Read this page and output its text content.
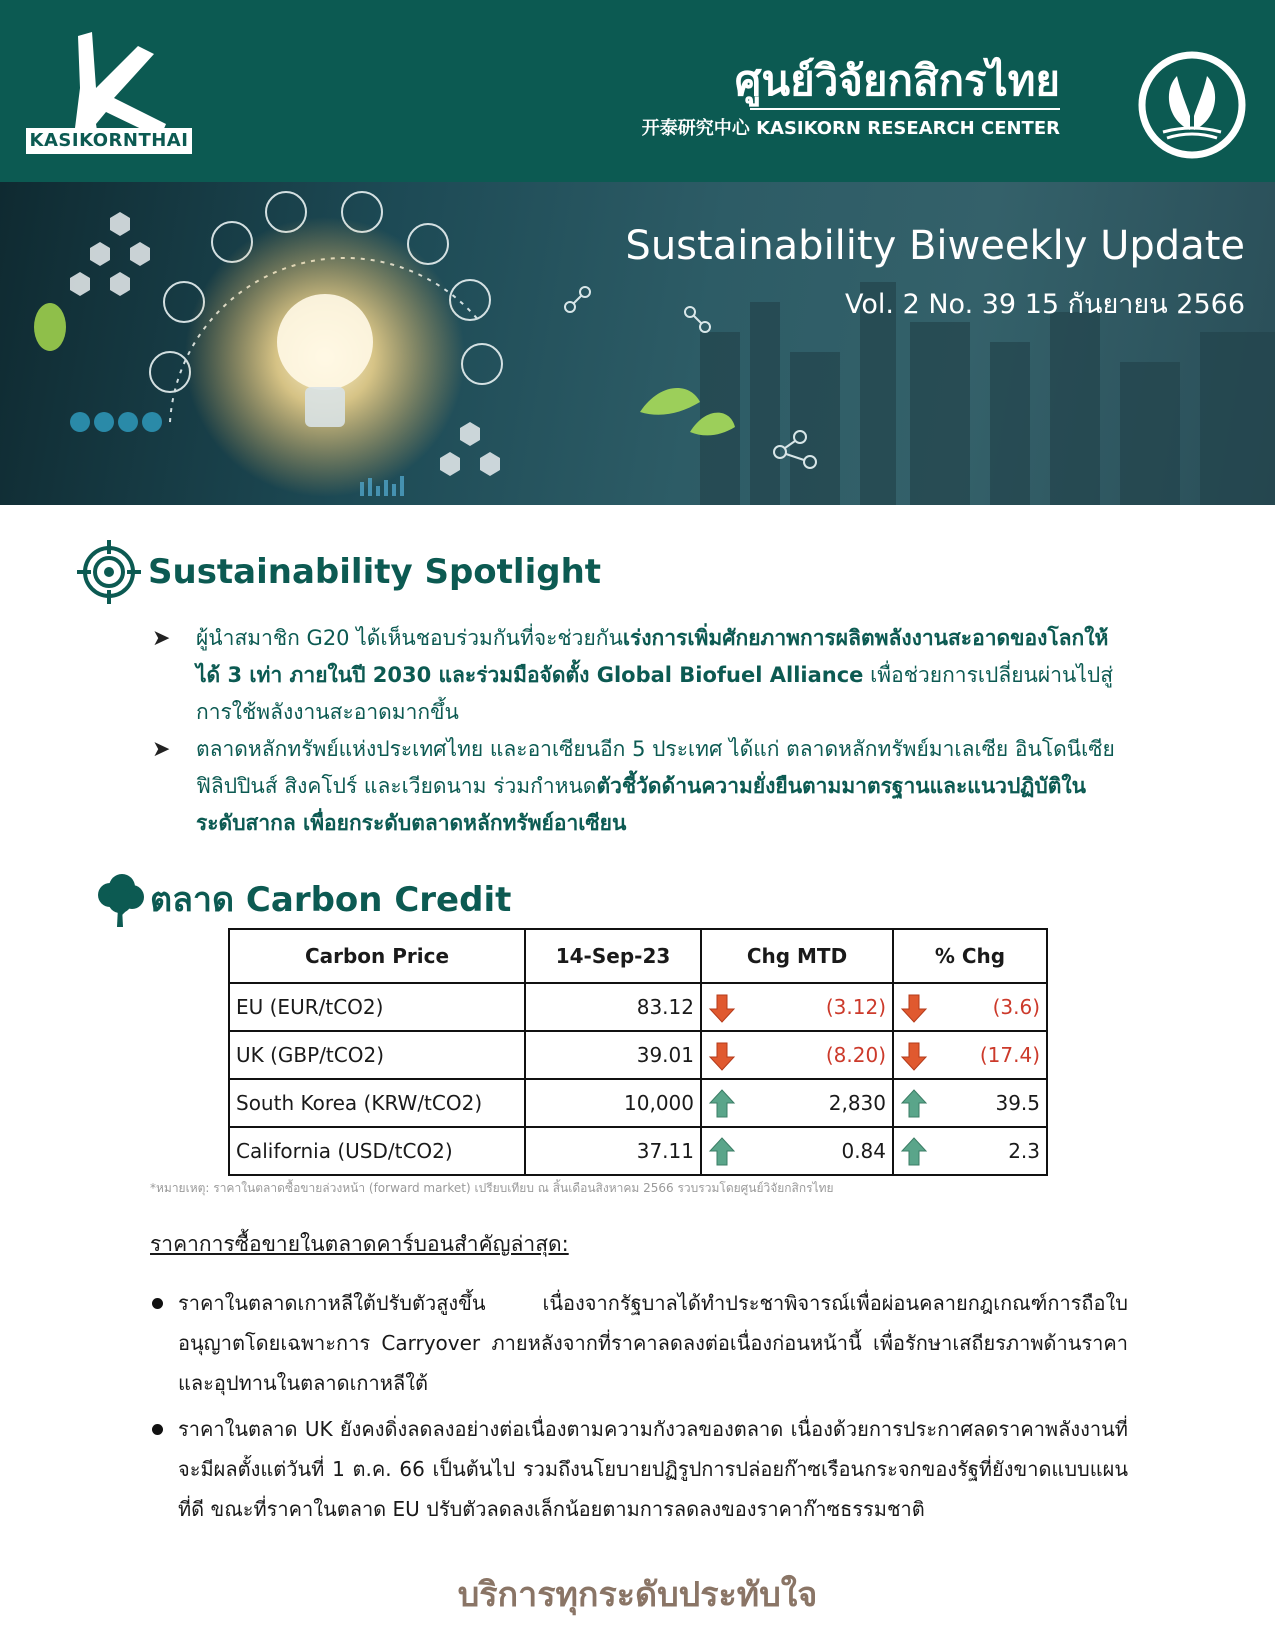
KASIKORNTHAI
ศูนย์วิจัยกสิกรไทย
开泰研究中心 KASIKORN RESEARCH CENTER
Sustainability Biweekly Update
Vol. 2 No. 39 15 กันยายน 2566
Sustainability Spotlight
➤ ผู้นำสมาชิก G20 ได้เห็นชอบร่วมกันที่จะช่วยกันเร่งการเพิ่มศักยภาพการผลิตพลังงานสะอาดของโลกให้ได้ 3 เท่า ภายในปี 2030 และร่วมมือจัดตั้ง Global Biofuel Alliance เพื่อช่วยการเปลี่ยนผ่านไปสู่การใช้พลังงานสะอาดมากขึ้น
➤ ตลาดหลักทรัพย์แห่งประเทศไทย และอาเซียนอีก 5 ประเทศ ได้แก่ ตลาดหลักทรัพย์มาเลเซีย อินโดนีเซีย ฟิลิปปินส์ สิงคโปร์ และเวียดนาม ร่วมกำหนดตัวชี้วัดด้านความยั่งยืนตามมาตรฐานและแนวปฏิบัติในระดับสากล เพื่อยกระดับตลาดหลักทรัพย์อาเซียน
ตลาด Carbon Credit
Carbon Price	14-Sep-23	Chg MTD	% Chg
EU (EUR/tCO2)	83.12	(3.12)	(3.6)
UK (GBP/tCO2)	39.01	(8.20)	(17.4)
South Korea (KRW/tCO2)	10,000	2,830	39.5
California (USD/tCO2)	37.11	0.84	2.3
*หมายเหตุ: ราคาในตลาดซื้อขายล่วงหน้า (forward market) เปรียบเทียบ ณ สิ้นเดือนสิงหาคม 2566 รวบรวมโดยศูนย์วิจัยกสิกรไทย
ราคาการซื้อขายในตลาดคาร์บอนสำคัญล่าสุด:
ราคาในตลาดเกาหลีใต้ปรับตัวสูงขึ้น เนื่องจากรัฐบาลได้ทำประชาพิจารณ์เพื่อผ่อนคลายกฎเกณฑ์การถือใบอนุญาตโดยเฉพาะการ Carryover ภายหลังจากที่ราคาลดลงต่อเนื่องก่อนหน้านี้ เพื่อรักษาเสถียรภาพด้านราคาและอุปทานในตลาดเกาหลีใต้
ราคาในตลาด UK ยังคงดิ่งลดลงอย่างต่อเนื่องตามความกังวลของตลาด เนื่องด้วยการประกาศลดราคาพลังงานที่จะมีผลตั้งแต่วันที่ 1 ต.ค. 66 เป็นต้นไป รวมถึงนโยบายปฏิรูปการปล่อยก๊าซเรือนกระจกของรัฐที่ยังขาดแบบแผนที่ดี ขณะที่ราคาในตลาด EU ปรับตัวลดลงเล็กน้อยตามการลดลงของราคาก๊าซธรรมชาติ
บริการทุกระดับประทับใจ
